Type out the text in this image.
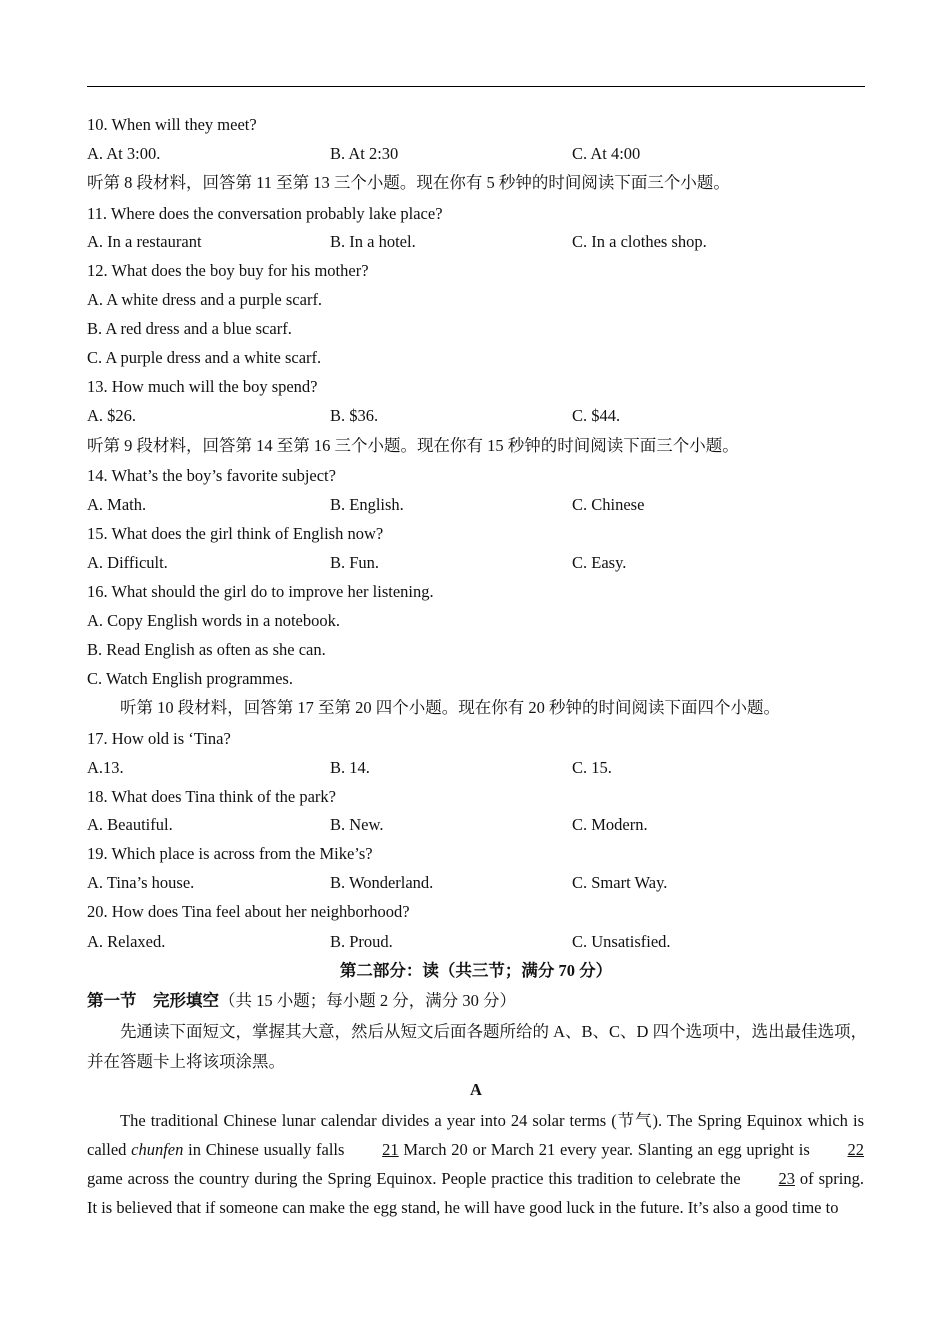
10. When will they meet?
A. At 3:00.	B. At 2:30	C. At 4:00
听第 8 段材料，回答第 11 至第 13 三个小题。现在你有 5 秒钟的时间阅读下面三个小题。
11. Where does the conversation probably lake place?
A. In a restaurant	B. In a hotel.	C. In a clothes shop.
12. What does the boy buy for his mother?
A. A white dress and a purple scarf.
B. A red dress and a blue scarf.
C. A purple dress and a white scarf.
13. How much will the boy spend?
A. $26.	B. $36.	C. $44.
听第 9 段材料，回答第 14 至第 16 三个小题。现在你有 15 秒钟的时间阅读下面三个小题。
14. What’s the boy’s favorite subject?
A. Math.	B. English.	C. Chinese
15. What does the girl think of English now?
A. Difficult.	B. Fun.	C. Easy.
16. What should the girl do to improve her listening.
A. Copy English words in a notebook.
B. Read English as often as she can.
C. Watch English programmes.
听第 10 段材料，回答第 17 至第 20 四个小题。现在你有 20 秒钟的时间阅读下面四个小题。
17. How old is ‘Tina?
A.13.	B. 14.	C. 15.
18. What does Tina think of the park?
A. Beautiful.	B. New.	C. Modern.
19. Which place is across from the Mike’s?
A. Tina’s house.	B. Wonderland.	C. Smart Way.
20. How does Tina feel about her neighborhood?
A. Relaxed.	B. Proud.	C. Unsatisfied.
第二部分：读（共三节；满分 70 分）
第一节　完形填空（共 15 小题；每小题 2 分，满分 30 分）
先通读下面短文，掌握其大意，然后从短文后面各题所给的 A、B、C、D 四个选项中，选出最佳选项，
并在答题卡上将该项涂黑。
A
The traditional Chinese lunar calendar divides a year into 24 solar terms (节气). The Spring Equinox which is called chunfen in Chinese usually falls 21 March 20 or March 21 every year. Slanting an egg upright is 22 game across the country during the Spring Equinox. People practice this tradition to celebrate the 23 of spring. It is believed that if someone can make the egg stand, he will have good luck in the future. It’s also a good time to
